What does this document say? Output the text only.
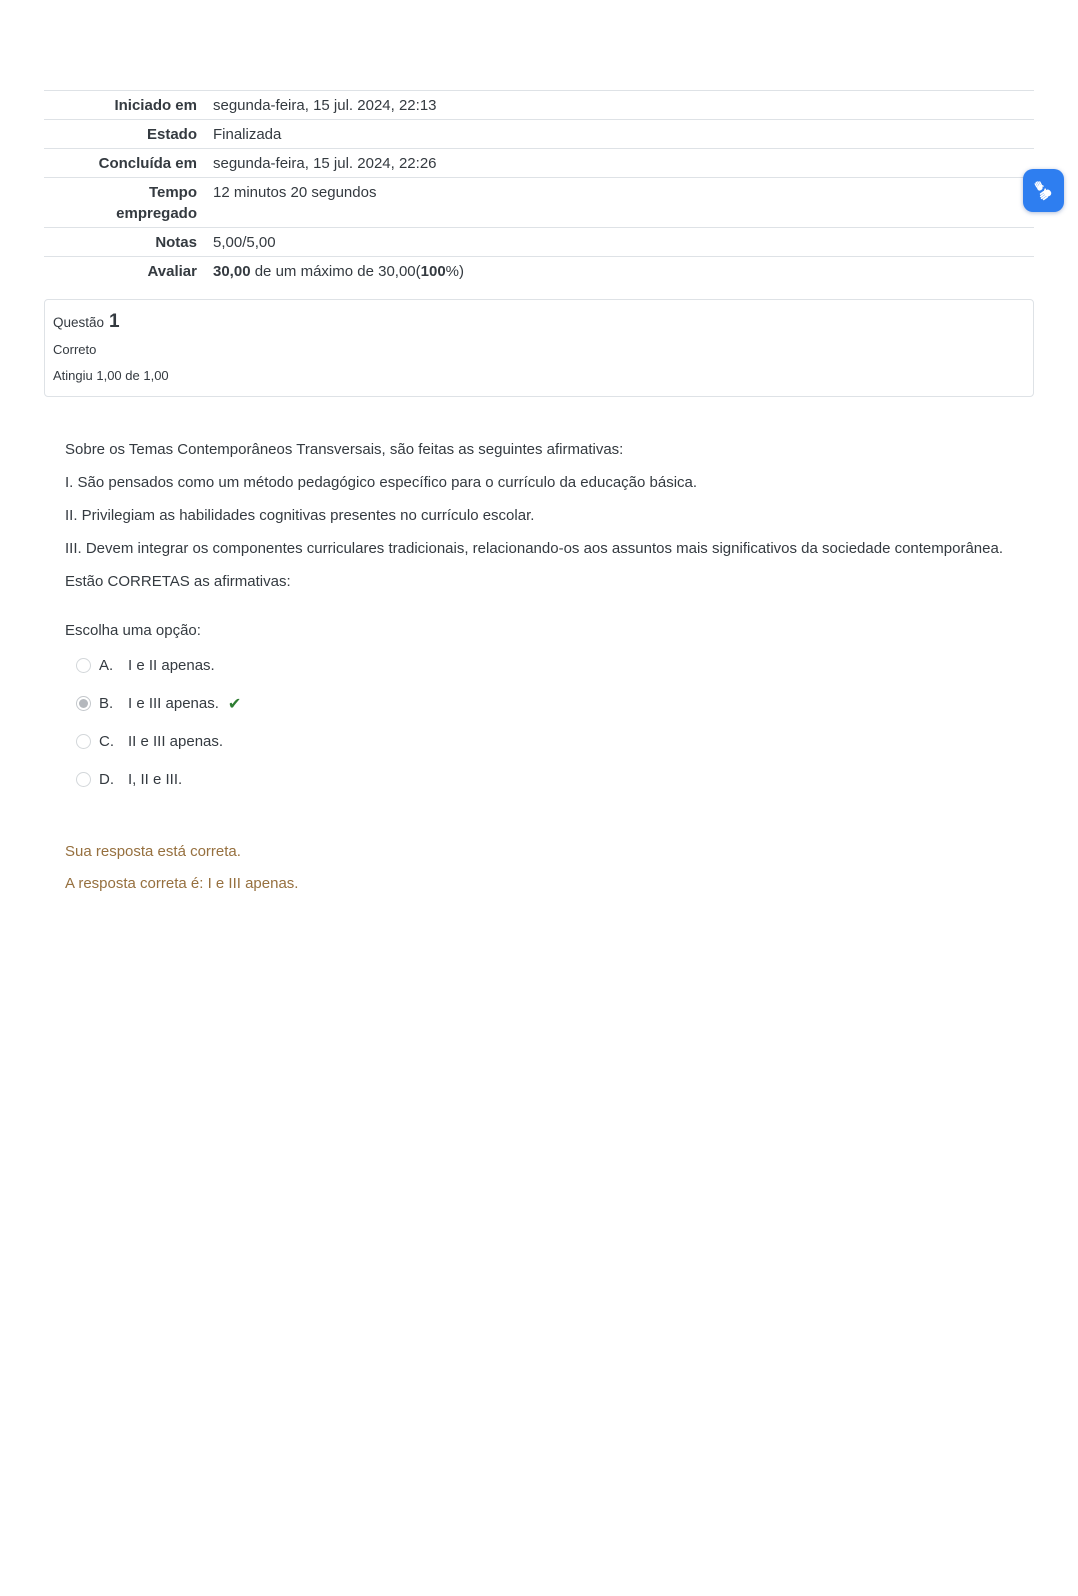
Iniciado em	segunda-feira, 15 jul. 2024, 22:13
Estado	Finalizada
Concluída em	segunda-feira, 15 jul. 2024, 22:26
Tempo empregado	12 minutos 20 segundos
Notas	5,00/5,00
Avaliar	30,00 de um máximo de 30,00(100%)
Questão 1
Correto
Atingiu 1,00 de 1,00

Sobre os Temas Contemporâneos Transversais, são feitas as seguintes afirmativas:

I. São pensados como um método pedagógico específico para o currículo da educação básica.

II. Privilegiam as habilidades cognitivas presentes no currículo escolar.

III. Devem integrar os componentes curriculares tradicionais, relacionando-os aos assuntos mais significativos da sociedade contemporânea.

Estão CORRETAS as afirmativas:

Escolha uma opção:
A. I e II apenas.
B. I e III apenas. ✔
C. II e III apenas.
D. I, II e III.

Sua resposta está correta.

A resposta correta é: I e III apenas.
